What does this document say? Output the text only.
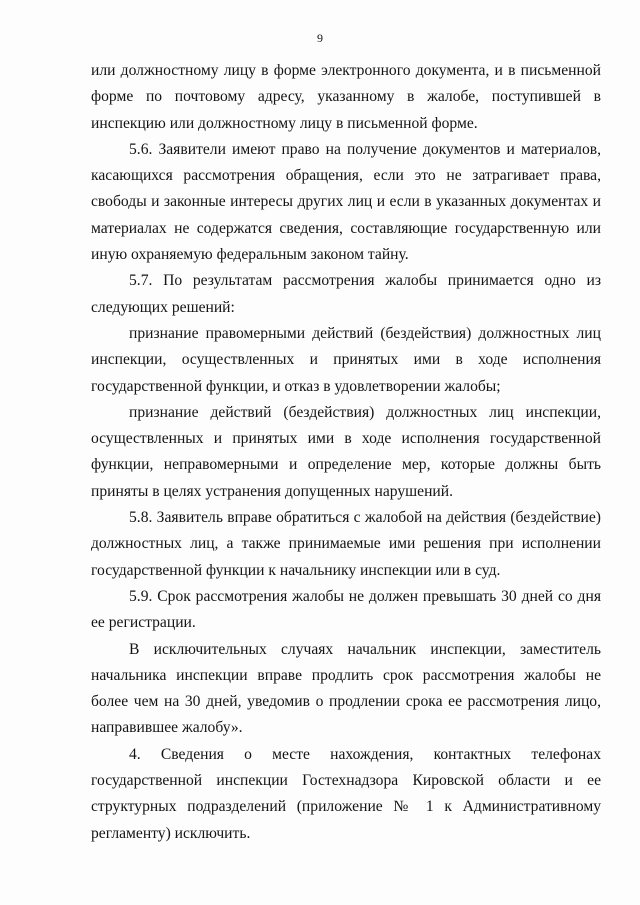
9

или должностному лицу в форме электронного документа, и в письменной форме по почтовому адресу, указанному в жалобе, поступившей в инспекцию или должностному лицу в письменной форме.

5.6. Заявители имеют право на получение документов и материалов, касающихся рассмотрения обращения, если это не затрагивает права, свободы и законные интересы других лиц и если в указанных документах и материалах не содержатся сведения, составляющие государственную или иную охраняемую федеральным законом тайну.

5.7. По результатам рассмотрения жалобы принимается одно из следующих решений:

признание правомерными действий (бездействия) должностных лиц инспекции, осуществленных и принятых ими в ходе исполнения государственной функции, и отказ в удовлетворении жалобы;

признание действий (бездействия) должностных лиц инспекции, осуществленных и принятых ими в ходе исполнения государственной функции, неправомерными и определение мер, которые должны быть приняты в целях устранения допущенных нарушений.

5.8. Заявитель вправе обратиться с жалобой на действия (бездействие) должностных лиц, а также принимаемые ими решения при исполнении государственной функции к начальнику инспекции или в суд.

5.9. Срок рассмотрения жалобы не должен превышать 30 дней со дня ее регистрации.

В исключительных случаях начальник инспекции, заместитель начальника инспекции вправе продлить срок рассмотрения жалобы не более чем на 30 дней, уведомив о продлении срока ее рассмотрения лицо, направившее жалобу».

4. Сведения о месте нахождения, контактных телефонах государственной инспекции Гостехнадзора Кировской области и ее структурных подразделений (приложение № 1 к Административному регламенту) исключить.
